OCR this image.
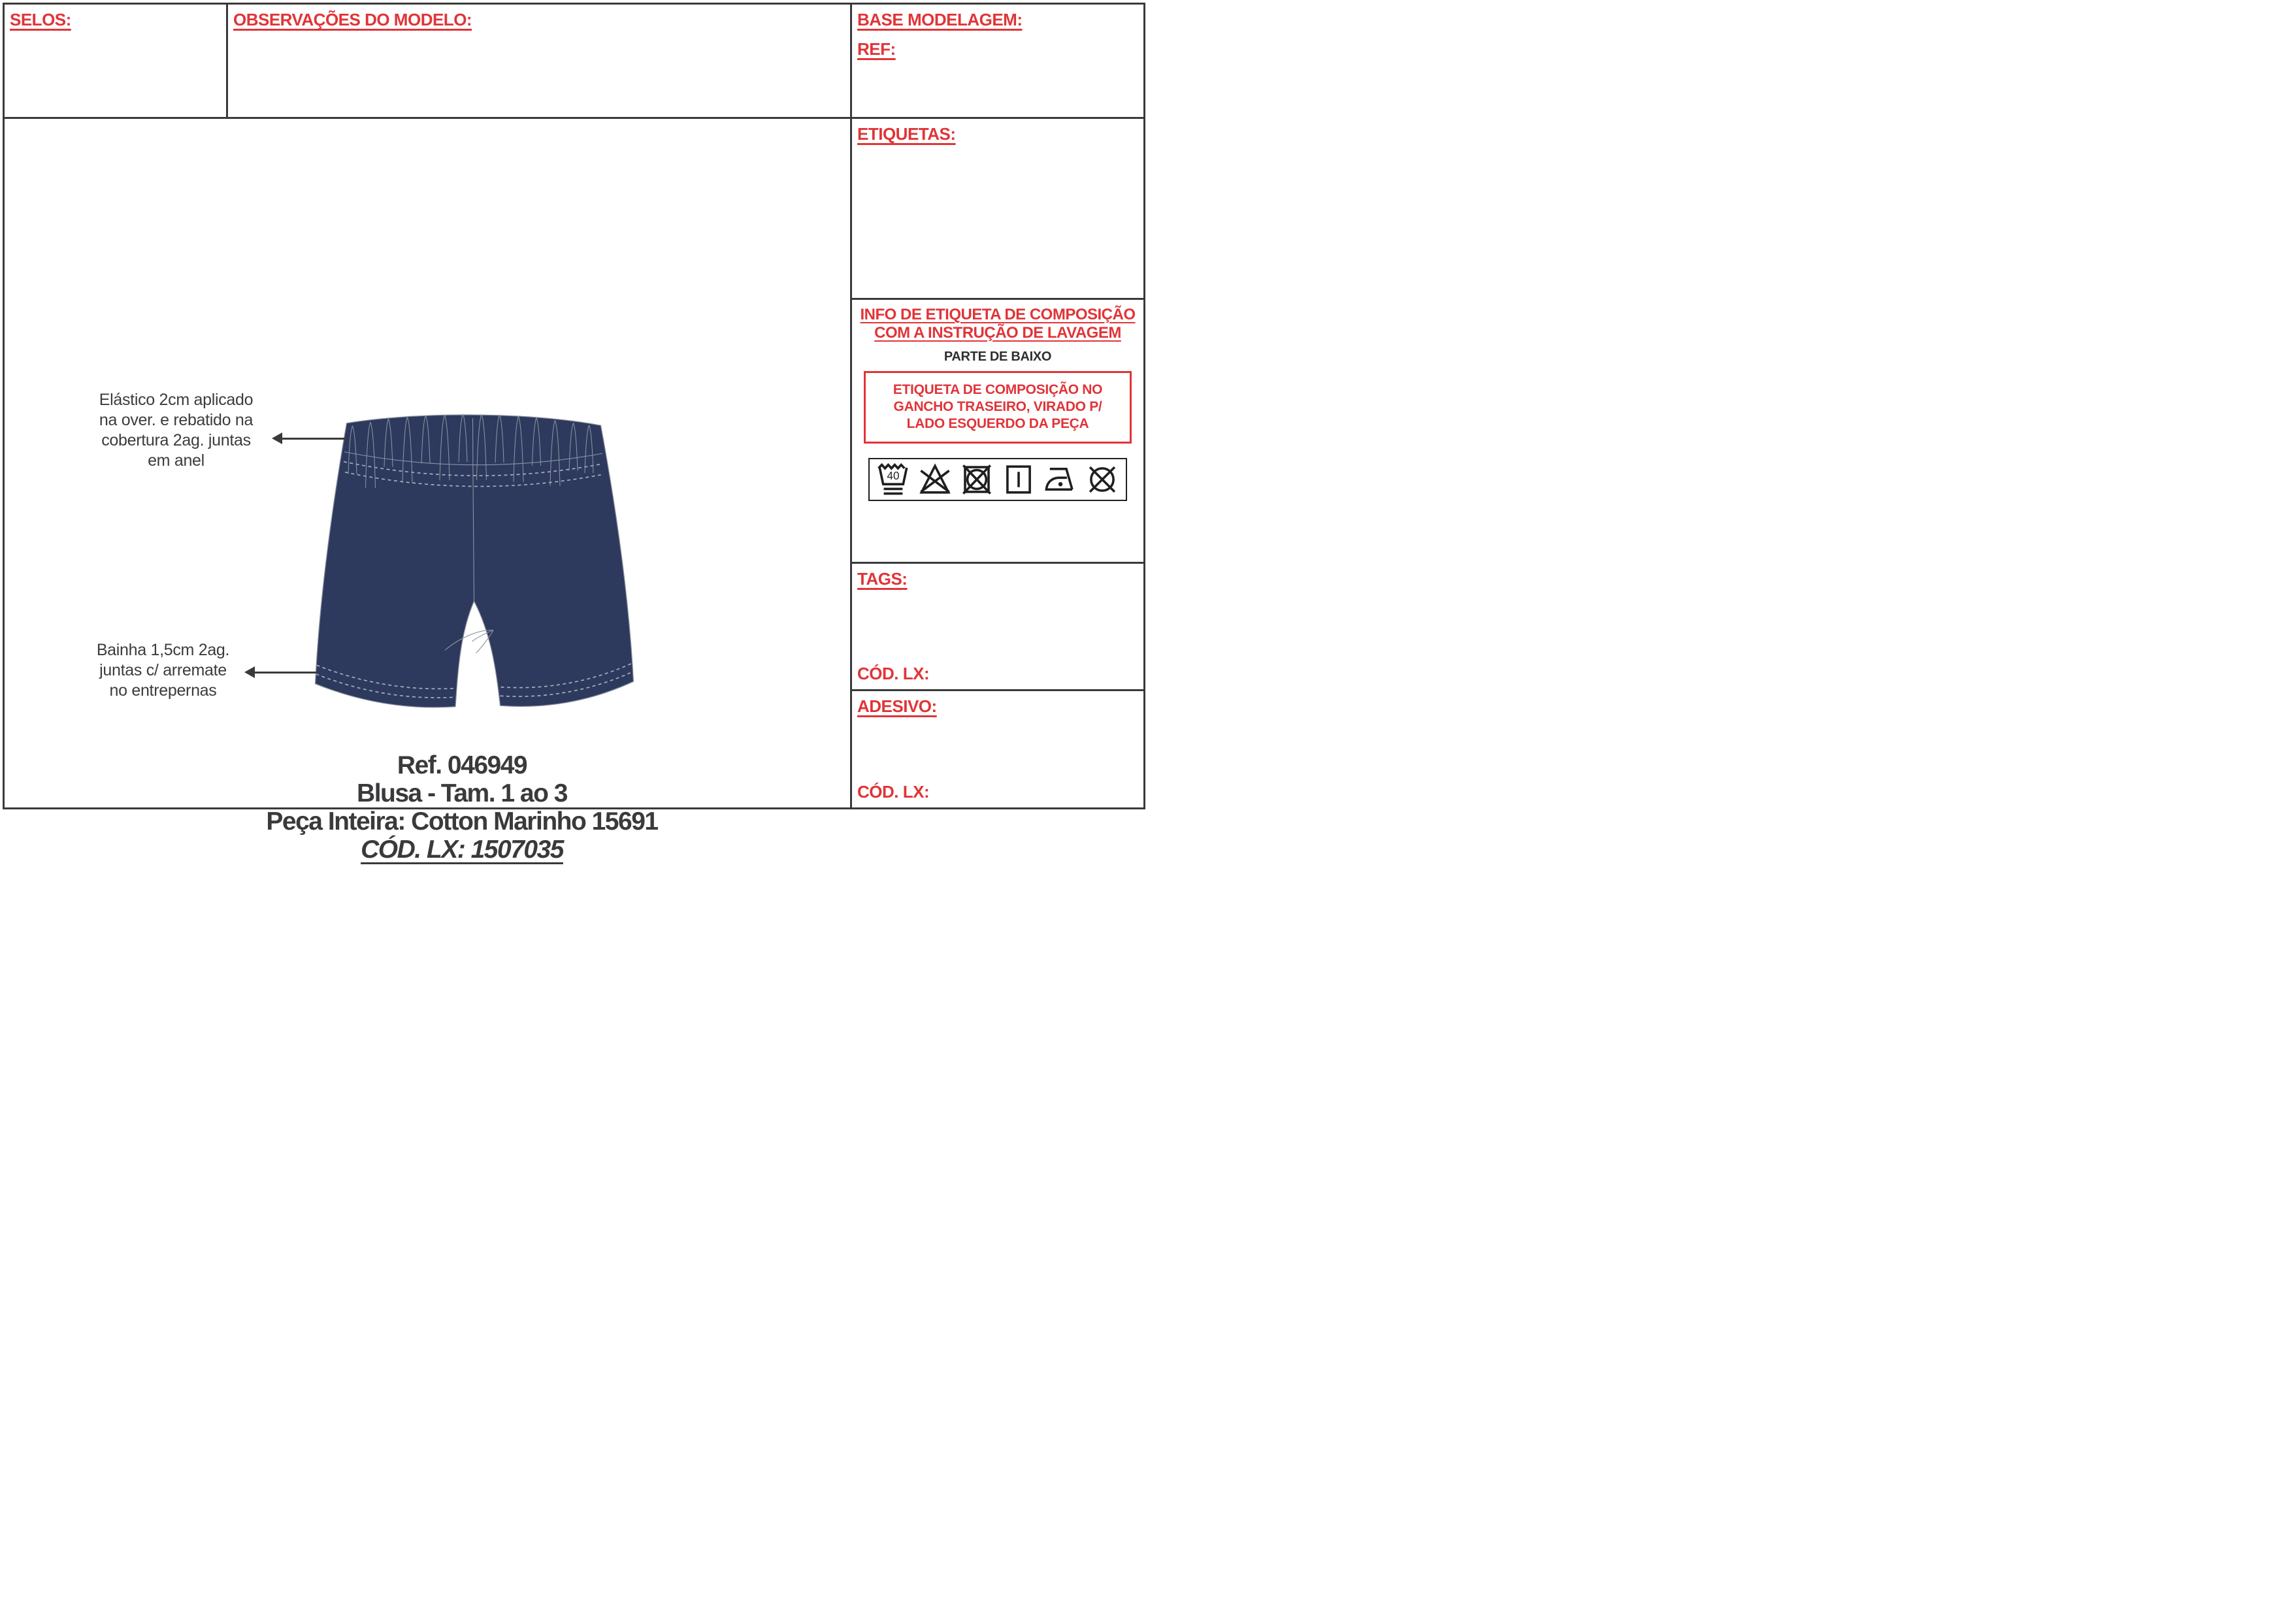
SELOS:	OBSERVAÇÕES DO MODELO:	BASE MODELAGEM:
REF:
Elástico 2cm aplicado
na over. e rebatido na
cobertura 2ag. juntas
em anel
Bainha 1,5cm 2ag.
juntas c/ arremate
no entrepernas
Ref. 046949
Blusa - Tam. 1 ao 3
Peça Inteira: Cotton Marinho 15691
CÓD. LX: 1507035
ETIQUETAS:
INFO DE ETIQUETA DE COMPOSIÇÃO
COM A INSTRUÇÃO DE LAVAGEM
PARTE DE BAIXO
ETIQUETA DE COMPOSIÇÃO NO
GANCHO TRASEIRO, VIRADO P/
LADO ESQUERDO DA PEÇA
40
TAGS:
CÓD. LX:
ADESIVO:
CÓD. LX:
